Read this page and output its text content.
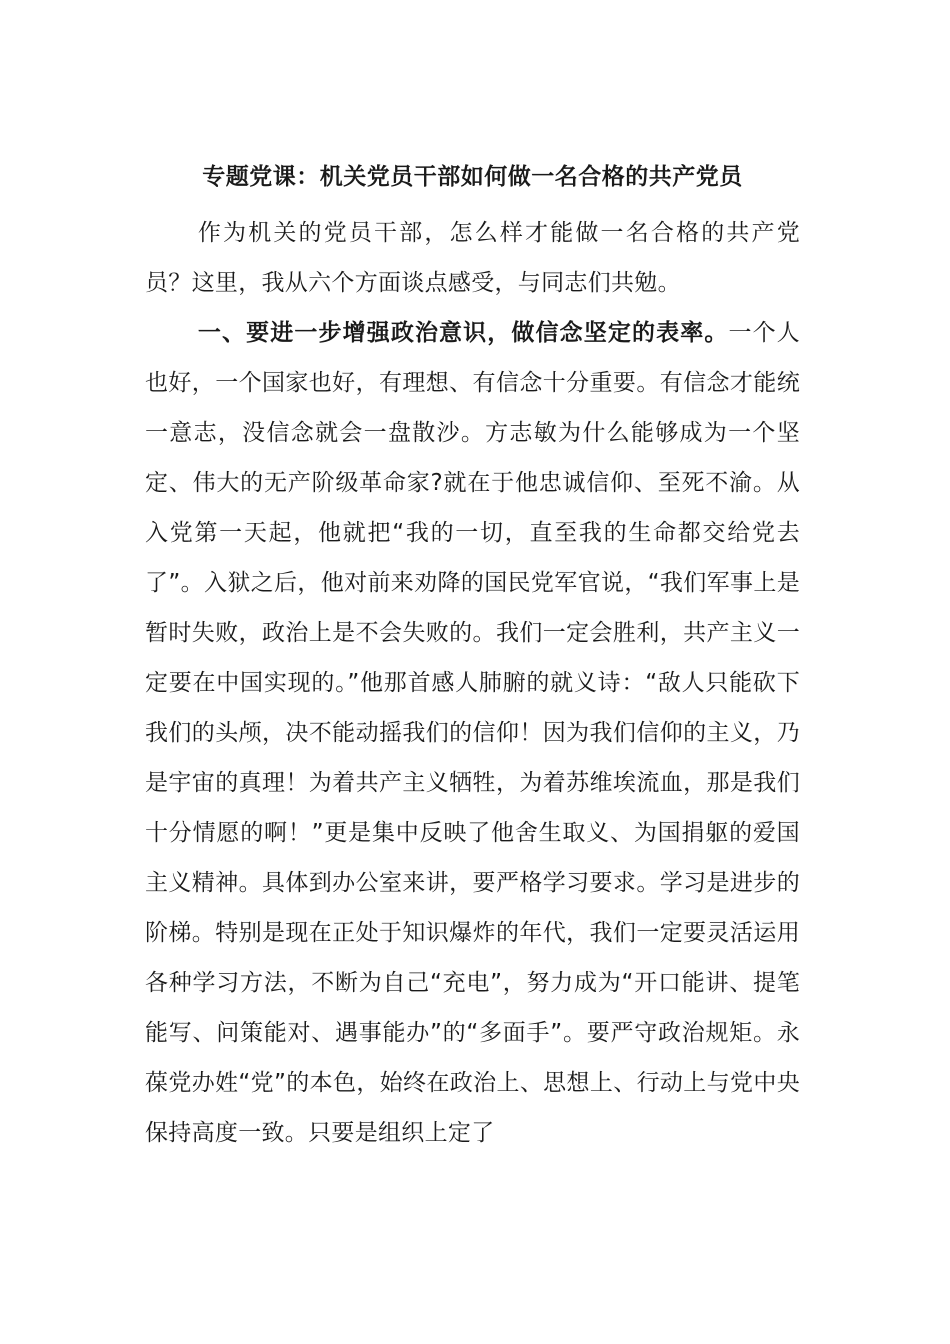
专题党课：机关党员干部如何做一名合格的共产党员

作为机关的党员干部，怎么样才能做一名合格的共产党员？这里，我从六个方面谈点感受，与同志们共勉。

一、要进一步增强政治意识，做信念坚定的表率。一个人也好，一个国家也好，有理想、有信念十分重要。有信念才能统一意志，没信念就会一盘散沙。方志敏为什么能够成为一个坚定、伟大的无产阶级革命家?就在于他忠诚信仰、至死不渝。从入党第一天起，他就把“我的一切，直至我的生命都交给党去了”。入狱之后，他对前来劝降的国民党军官说，“我们军事上是暂时失败，政治上是不会失败的。我们一定会胜利，共产主义一定要在中国实现的。”他那首感人肺腑的就义诗：“敌人只能砍下我们的头颅，决不能动摇我们的信仰！因为我们信仰的主义，乃是宇宙的真理！为着共产主义牺牲，为着苏维埃流血，那是我们十分情愿的啊！”更是集中反映了他舍生取义、为国捐躯的爱国主义精神。具体到办公室来讲，要严格学习要求。学习是进步的阶梯。特别是现在正处于知识爆炸的年代，我们一定要灵活运用各种学习方法，不断为自己“充电”，努力成为“开口能讲、提笔能写、问策能对、遇事能办”的“多面手”。要严守政治规矩。永葆党办姓“党”的本色，始终在政治上、思想上、行动上与党中央保持高度一致。只要是组织上定了
